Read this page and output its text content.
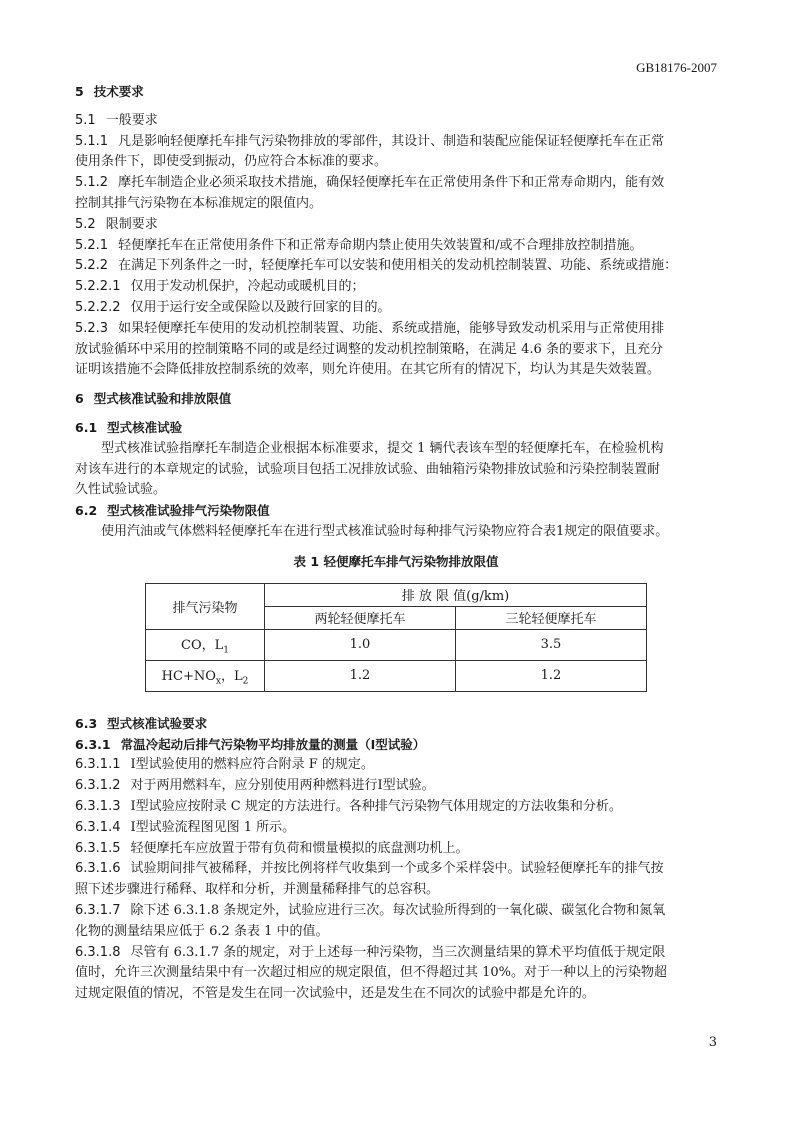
GB18176-2007
5 技术要求
5.1 一般要求
5.1.1 凡是影响轻便摩托车排气污染物排放的零部件，其设计、制造和装配应能保证轻便摩托车在正常
使用条件下，即使受到振动，仍应符合本标准的要求。
5.1.2 摩托车制造企业必须采取技术措施，确保轻便摩托车在正常使用条件下和正常寿命期内，能有效
控制其排气污染物在本标准规定的限值内。
5.2 限制要求
5.2.1 轻便摩托车在正常使用条件下和正常寿命期内禁止使用失效装置和/或不合理排放控制措施。
5.2.2 在满足下列条件之一时，轻便摩托车可以安装和使用相关的发动机控制装置、功能、系统或措施：
5.2.2.1 仅用于发动机保护，冷起动或暖机目的；
5.2.2.2 仅用于运行安全或保险以及跛行回家的目的。
5.2.3 如果轻便摩托车使用的发动机控制装置、功能、系统或措施，能够导致发动机采用与正常使用排
放试验循环中采用的控制策略不同的或是经过调整的发动机控制策略，在满足 4.6 条的要求下，且充分
证明该措施不会降低排放控制系统的效率，则允许使用。在其它所有的情况下，均认为其是失效装置。
6 型式核准试验和排放限值
6.1 型式核准试验
型式核准试验指摩托车制造企业根据本标准要求，提交 1 辆代表该车型的轻便摩托车，在检验机构
对该车进行的本章规定的试验，试验项目包括工况排放试验、曲轴箱污染物排放试验和污染控制装置耐
久性试验试验。
6.2 型式核准试验排气污染物限值
使用汽油或气体燃料轻便摩托车在进行型式核准试验时每种排气污染物应符合表1规定的限值要求。
表 1 轻便摩托车排气污染物排放限值
排气污染物	排 放 限 值(g/km)	
	两轮轻便摩托车	三轮轻便摩托车
CO，$L_1$	1.0	3.5
$HC+NO_x$，$L_2$	1.2	1.2
6.3 型式核准试验要求
6.3.1 常温冷起动后排气污染物平均排放量的测量（Ⅰ型试验）
6.3.1.1 Ⅰ型试验使用的燃料应符合附录 F 的规定。
6.3.1.2 对于两用燃料车，应分别使用两种燃料进行Ⅰ型试验。
6.3.1.3 Ⅰ型试验应按附录 C 规定的方法进行。各种排气污染物气体用规定的方法收集和分析。
6.3.1.4 Ⅰ型试验流程图见图 1 所示。
6.3.1.5 轻便摩托车应放置于带有负荷和惯量模拟的底盘测功机上。
6.3.1.6 试验期间排气被稀释，并按比例将样气收集到一个或多个采样袋中。试验轻便摩托车的排气按
照下述步骤进行稀释、取样和分析，并测量稀释排气的总容积。
6.3.1.7 除下述 6.3.1.8 条规定外，试验应进行三次。每次试验所得到的一氧化碳、碳氢化合物和氮氧
化物的测量结果应低于 6.2 条表 1 中的值。
6.3.1.8 尽管有 6.3.1.7 条的规定，对于上述每一种污染物，当三次测量结果的算术平均值低于规定限
值时，允许三次测量结果中有一次超过相应的规定限值，但不得超过其 10%。对于一种以上的污染物超
过规定限值的情况，不管是发生在同一次试验中，还是发生在不同次的试验中都是允许的。
3
